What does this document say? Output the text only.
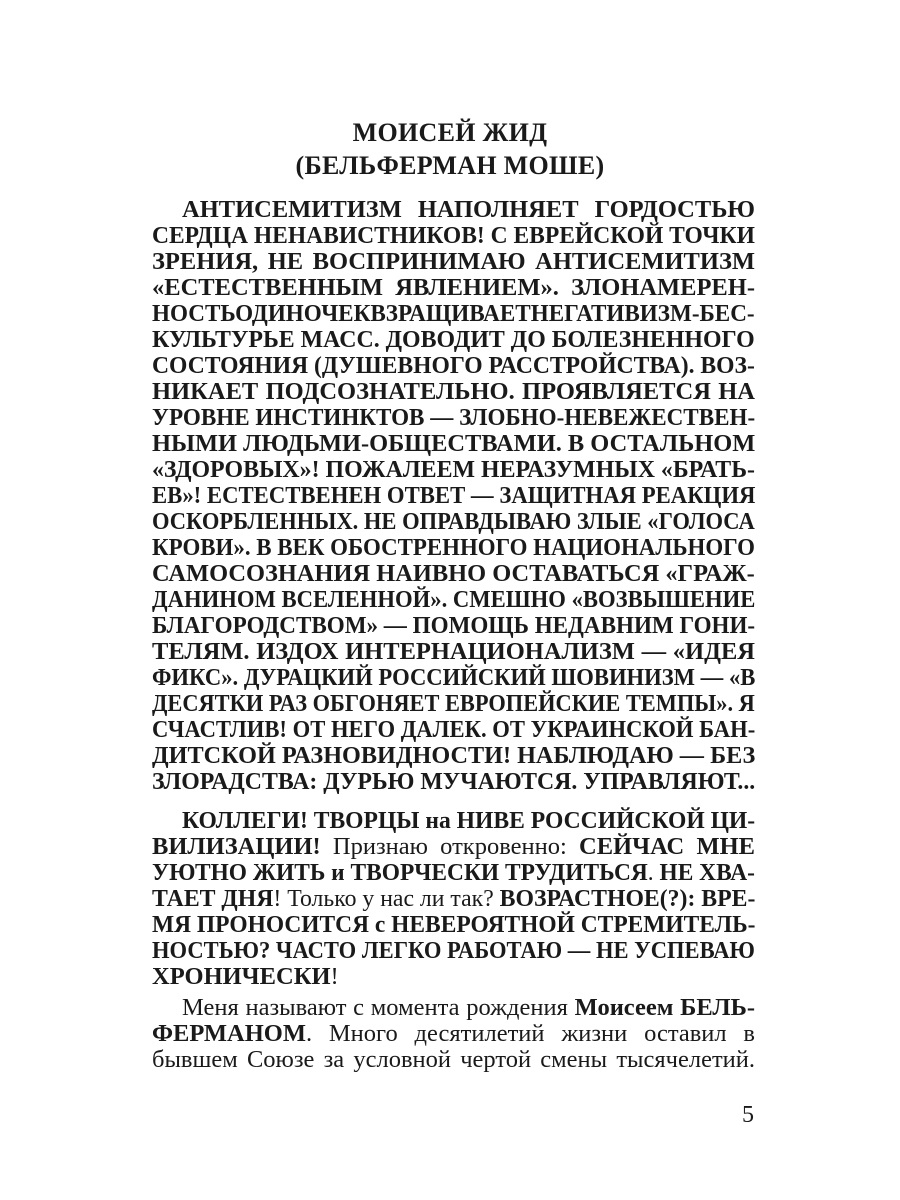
МОИСЕЙ ЖИД
(БЕЛЬФЕРМАН МОШЕ)
АНТИСЕМИТИЗМ НАПОЛНЯЕТ ГОРДОСТЬЮ
СЕРДЦА НЕНАВИСТНИКОВ! С ЕВРЕЙСКОЙ ТОЧКИ
ЗРЕНИЯ, НЕ ВОСПРИНИМАЮ АНТИСЕМИТИЗМ
«ЕСТЕСТВЕННЫМ ЯВЛЕНИЕМ». ЗЛОНАМЕРЕН-
НОСТЬОДИНОЧЕКВЗРАЩИВАЕТНЕГАТИВИЗМ-БЕС-
КУЛЬТУРЬЕ МАСС. ДОВОДИТ ДО БОЛЕЗНЕННОГО
СОСТОЯНИЯ (ДУШЕВНОГО РАССТРОЙСТВА). ВОЗ-
НИКАЕТ ПОДСОЗНАТЕЛЬНО. ПРОЯВЛЯЕТСЯ НА
УРОВНЕ ИНСТИНКТОВ — ЗЛОБНО-НЕВЕЖЕСТВЕН-
НЫМИ ЛЮДЬМИ-ОБЩЕСТВАМИ. В ОСТАЛЬНОМ
«ЗДОРОВЫХ»! ПОЖАЛЕЕМ НЕРАЗУМНЫХ «БРАТЬ-
ЕВ»! ЕСТЕСТВЕНЕН ОТВЕТ — ЗАЩИТНАЯ РЕАКЦИЯ
ОСКОРБЛЕННЫХ. НЕ ОПРАВДЫВАЮ ЗЛЫЕ «ГОЛОСА
КРОВИ». В ВЕК ОБОСТРЕННОГО НАЦИОНАЛЬНОГО
САМОСОЗНАНИЯ НАИВНО ОСТАВАТЬСЯ «ГРАЖ-
ДАНИНОМ ВСЕЛЕННОЙ». СМЕШНО «ВОЗВЫШЕНИЕ
БЛАГОРОДСТВОМ» — ПОМОЩЬ НЕДАВНИМ ГОНИ-
ТЕЛЯМ. ИЗДОХ ИНТЕРНАЦИОНАЛИЗМ — «ИДЕЯ
ФИКС». ДУРАЦКИЙ РОССИЙСКИЙ ШОВИНИЗМ — «В
ДЕСЯТКИ РАЗ ОБГОНЯЕТ ЕВРОПЕЙСКИЕ ТЕМПЫ». Я
СЧАСТЛИВ! ОТ НЕГО ДАЛЕК. ОТ УКРАИНСКОЙ БАН-
ДИТСКОЙ РАЗНОВИДНОСТИ! НАБЛЮДАЮ — БЕЗ
ЗЛОРАДСТВА: ДУРЬЮ МУЧАЮТСЯ. УПРАВЛЯЮТ...
КОЛЛЕГИ! ТВОРЦЫ на НИВЕ РОССИЙСКОЙ ЦИ-
ВИЛИЗАЦИИ! Признаю откровенно: СЕЙЧАС МНЕ
УЮТНО ЖИТЬ и ТВОРЧЕСКИ ТРУДИТЬСЯ. НЕ ХВА-
ТАЕТ ДНЯ! Только у нас ли так? ВОЗРАСТНОЕ(?): ВРЕ-
МЯ ПРОНОСИТСЯ с НЕВЕРОЯТНОЙ СТРЕМИТЕЛЬ-
НОСТЬЮ? ЧАСТО ЛЕГКО РАБОТАЮ — НЕ УСПЕВАЮ
ХРОНИЧЕСКИ!
Меня называют с момента рождения Моисеем БЕЛЬ-
ФЕРМАНОМ. Много десятилетий жизни оставил в
бывшем Союзе за условной чертой смены тысячелетий.
5
